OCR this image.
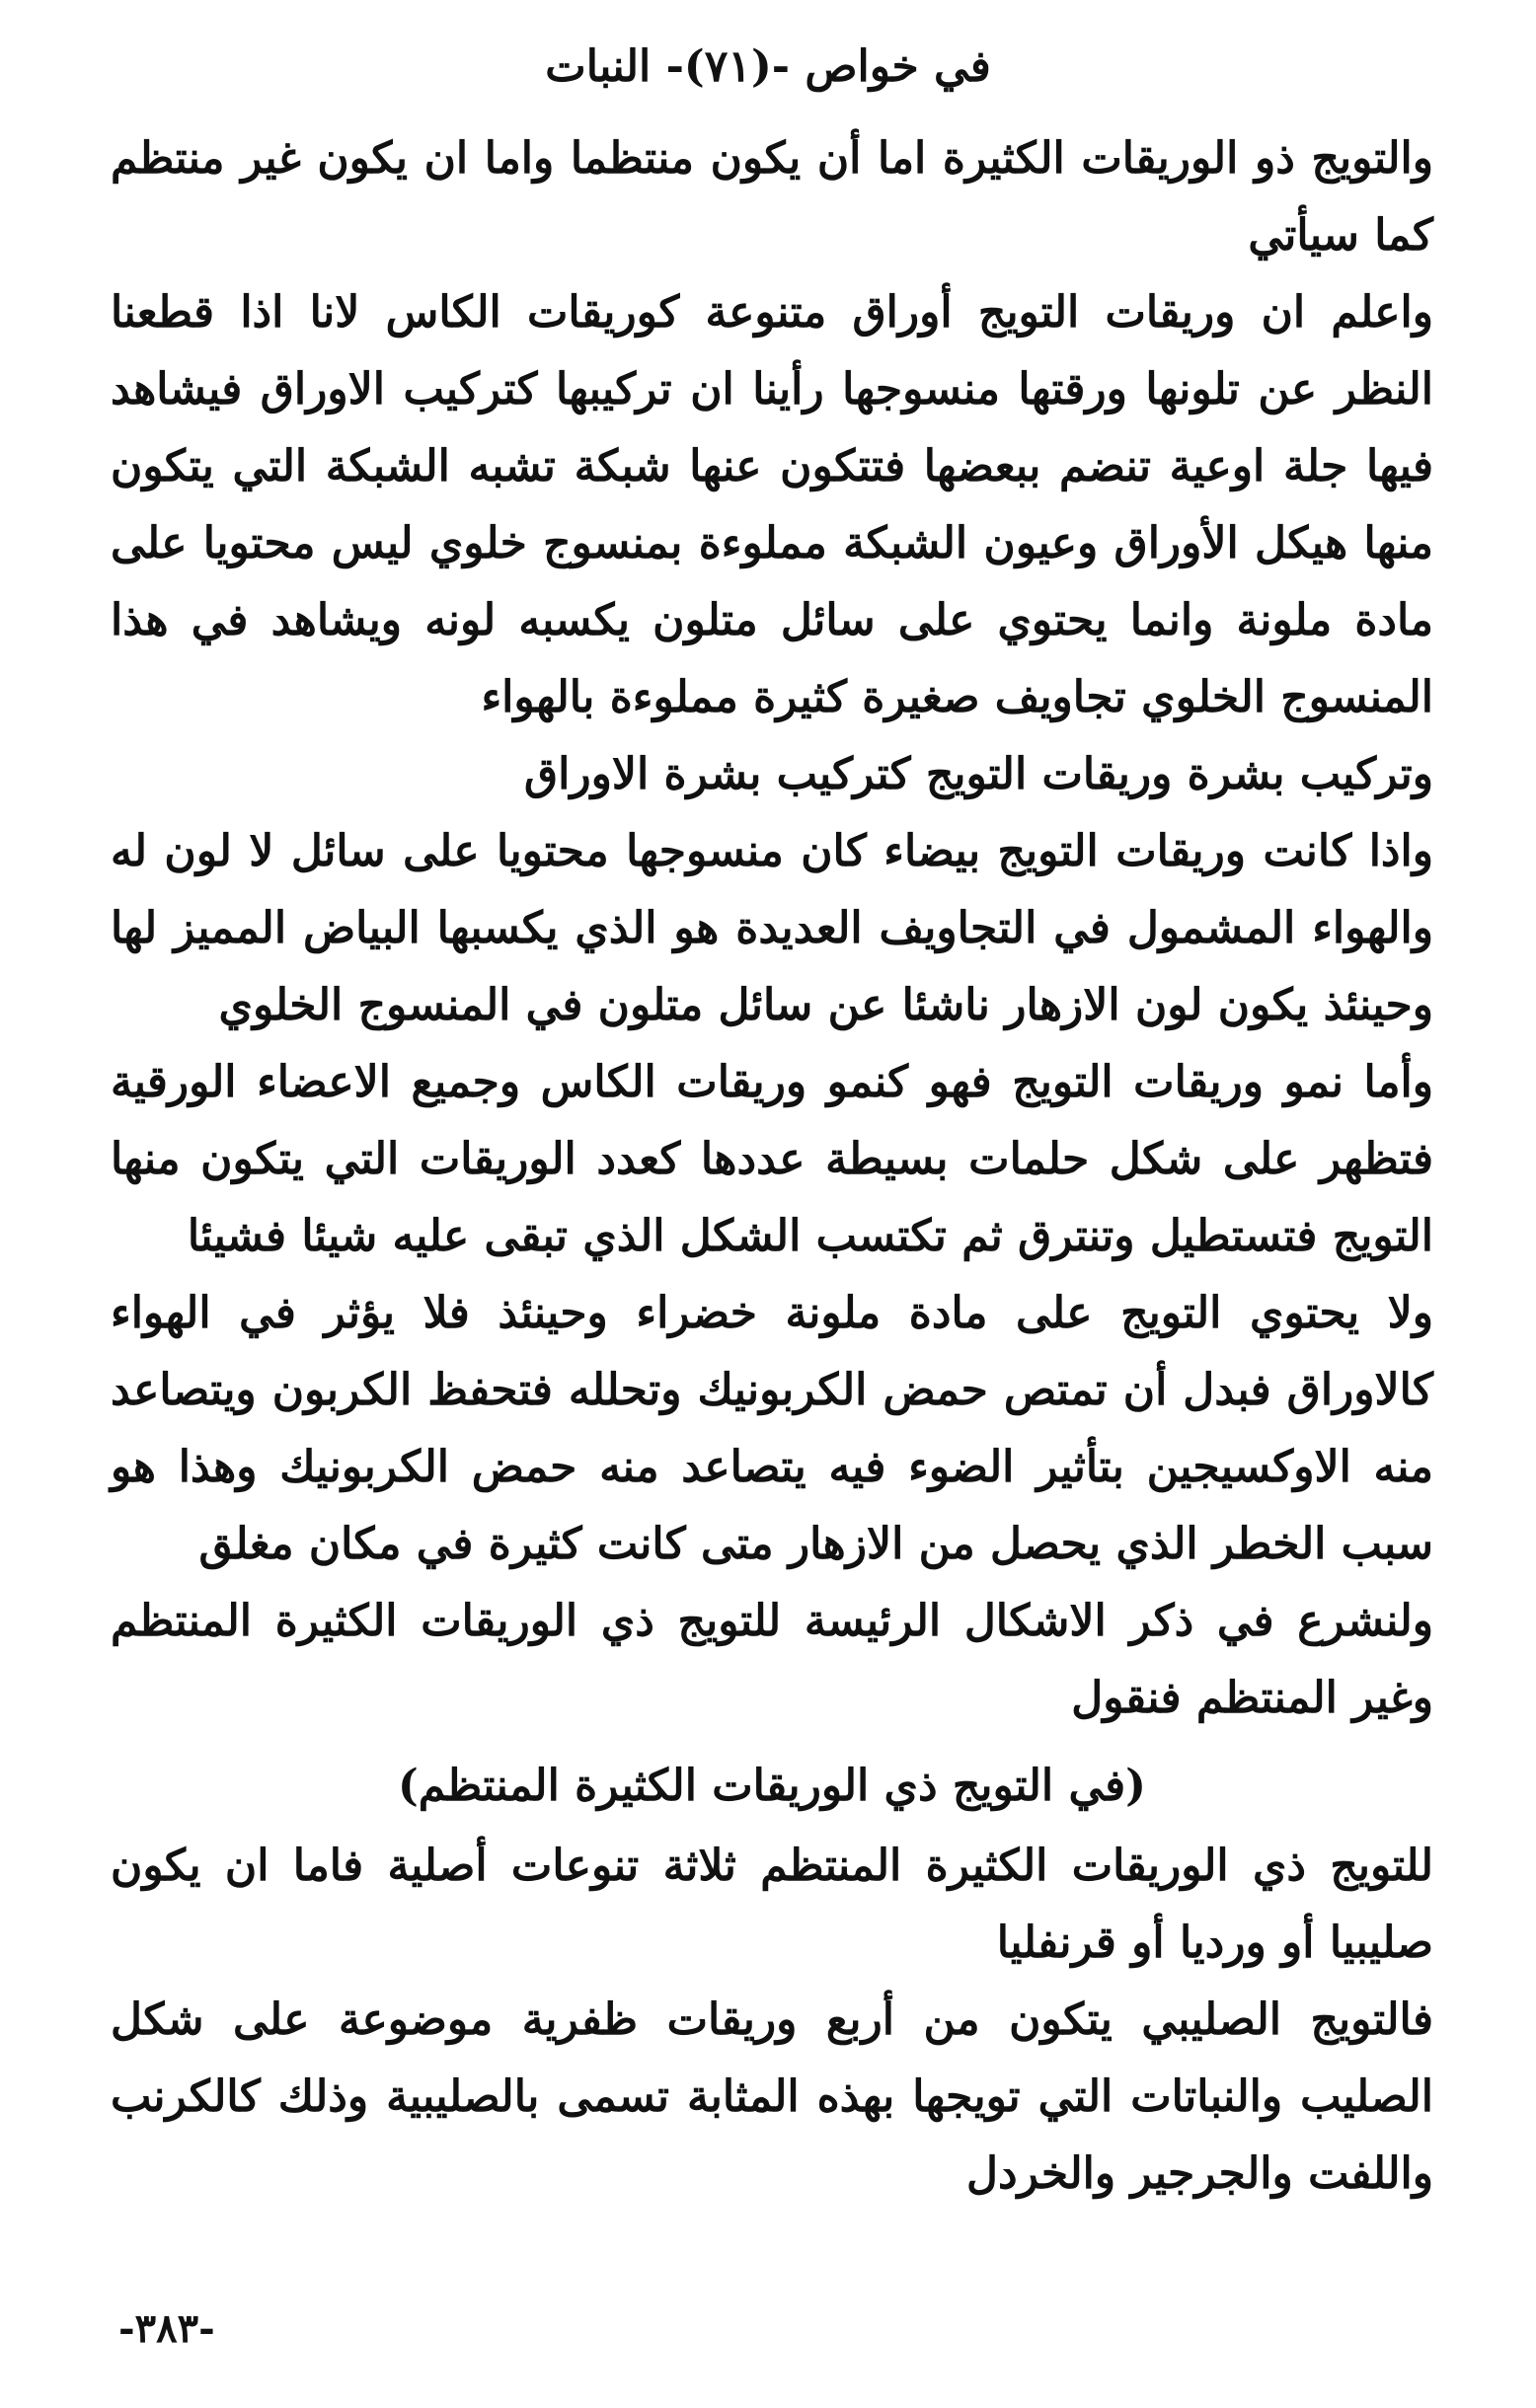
في خواص -(٧١)- النبات

والتويج ذو الوريقات الكثيرة اما أن يكون منتظما واما ان يكون غير منتظم كما سيأتي

واعلم ان وريقات التويج أوراق متنوعة كوريقات الكاس لانا اذا قطعنا النظر عن تلونها ورقتها منسوجها رأينا ان تركيبها كتركيب الاوراق فيشاهد فيها جلة اوعية تنضم ببعضها فتتكون عنها شبكة تشبه الشبكة التي يتكون منها هيكل الأوراق وعيون الشبكة مملوءة بمنسوج خلوي ليس محتويا على مادة ملونة وانما يحتوي على سائل متلون يكسبه لونه ويشاهد في هذا المنسوج الخلوي تجاويف صغيرة كثيرة مملوءة بالهواء

وتركيب بشرة وريقات التويج كتركيب بشرة الاوراق

واذا كانت وريقات التويج بيضاء كان منسوجها محتويا على سائل لا لون له والهواء المشمول في التجاويف العديدة هو الذي يكسبها البياض المميز لها وحينئذ يكون لون الازهار ناشئا عن سائل متلون في المنسوج الخلوي

وأما نمو وريقات التويج فهو كنمو وريقات الكاس وجميع الاعضاء الورقية فتظهر على شكل حلمات بسيطة عددها كعدد الوريقات التي يتكون منها التويج فتستطيل وتنترق ثم تكتسب الشكل الذي تبقى عليه شيئا فشيئا

ولا يحتوي التويج على مادة ملونة خضراء وحينئذ فلا يؤثر في الهواء كالاوراق فبدل أن تمتص حمض الكربونيك وتحلله فتحفظ الكربون ويتصاعد منه الاوكسيجين بتأثير الضوء فيه يتصاعد منه حمض الكربونيك وهذا هو سبب الخطر الذي يحصل من الازهار متى كانت كثيرة في مكان مغلق

ولنشرع في ذكر الاشكال الرئيسة للتويج ذي الوريقات الكثيرة المنتظم وغير المنتظم فنقول

(في التويج ذي الوريقات الكثيرة المنتظم)

للتويج ذي الوريقات الكثيرة المنتظم ثلاثة تنوعات أصلية فاما ان يكون صليبيا أو ورديا أو قرنفليا

فالتويج الصليبي يتكون من أربع وريقات ظفرية موضوعة على شكل الصليب والنباتات التي تويجها بهذه المثابة تسمى بالصليبية وذلك كالكرنب واللفت والجرجير والخردل

-٣٨٣-
